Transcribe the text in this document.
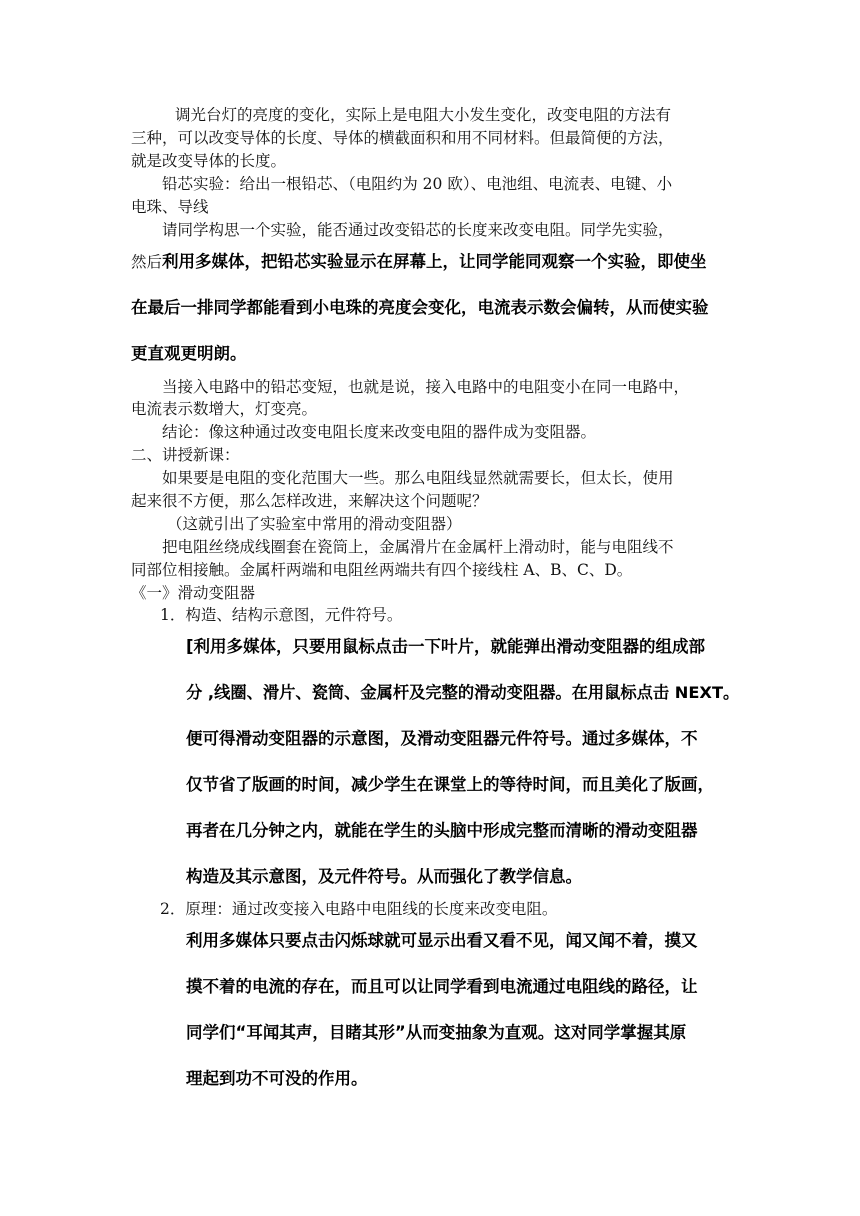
调光台灯的亮度的变化，实际上是电阻大小发生变化，改变电阻的方法有
三种，可以改变导体的长度、导体的横截面积和用不同材料。但最简便的方法，
就是改变导体的长度。
铅芯实验：给出一根铅芯、（电阻约为 20 欧）、电池组、电流表、电键、小
电珠、导线
请同学构思一个实验，能否通过改变铅芯的长度来改变电阻。同学先实验，
然后利用多媒体，把铅芯实验显示在屏幕上，让同学能同观察一个实验，即使坐
在最后一排同学都能看到小电珠的亮度会变化，电流表示数会偏转，从而使实验
更直观更明朗。
当接入电路中的铅芯变短，也就是说，接入电路中的电阻变小在同一电路中，
电流表示数增大，灯变亮。
结论：像这种通过改变电阻长度来改变电阻的器件成为变阻器。
二、讲授新课：
如果要是电阻的变化范围大一些。那么电阻线显然就需要长，但太长，使用
起来很不方便，那么怎样改进，来解决这个问题呢？
（这就引出了实验室中常用的滑动变阻器）
把电阻丝绕成线圈套在瓷筒上，金属滑片在金属杆上滑动时，能与电阻线不
同部位相接触。金属杆两端和电阻丝两端共有四个接线柱 A、B、C、D。
《一》滑动变阻器
1．构造、结构示意图，元件符号。
[利用多媒体，只要用鼠标点击一下叶片，就能弹出滑动变阻器的组成部
分 ,线圈、滑片、瓷筒、金属杆及完整的滑动变阻器。在用鼠标点击 NEXT。
便可得滑动变阻器的示意图，及滑动变阻器元件符号。通过多媒体，不
仅节省了版画的时间，减少学生在课堂上的等待时间，而且美化了版画，
再者在几分钟之内，就能在学生的头脑中形成完整而清晰的滑动变阻器
构造及其示意图，及元件符号。从而强化了教学信息。
2．原理：通过改变接入电路中电阻线的长度来改变电阻。
利用多媒体只要点击闪烁球就可显示出看又看不见，闻又闻不着，摸又
摸不着的电流的存在，而且可以让同学看到电流通过电阻线的路径，让
同学们“耳闻其声，目睹其形”从而变抽象为直观。这对同学掌握其原
理起到功不可没的作用。
